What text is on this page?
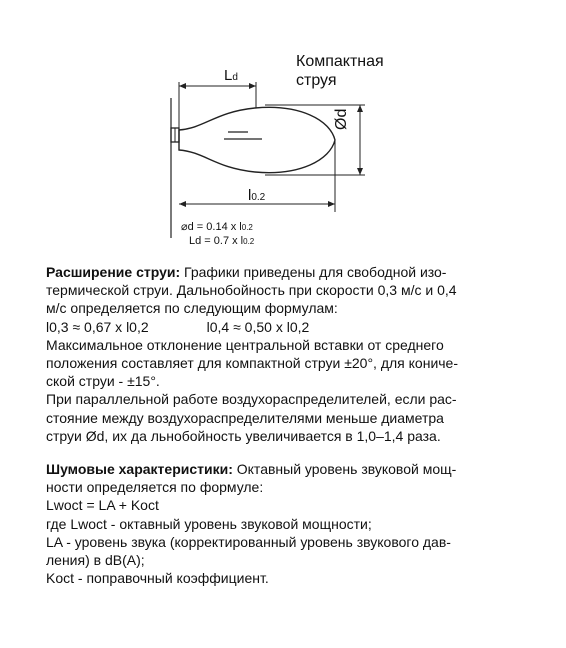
Компактная
струя
Ld
Ød
l0.2
⌀d = 0.14 x l0.2
Ld = 0.7 x l0.2

Расширение струи: Графики приведены для свободной изо-

термической струи. Дальнобойность при скорости 0,3 м/с и 0,4

м/с определяется по следующим формулам:

l0,3 ≈ 0,67 x l0,2	l0,4 ≈ 0,50 x l0,2

Максимальное отклонение центральной вставки от среднего

положения составляет для компактной струи ±20°, для кониче-

ской струи - ±15°.

При параллельной работе воздухораспределителей, если рас-

стояние между воздухораспределителями меньше диаметра

струи Ød, их да льнобойность увеличивается в 1,0–1,4 раза.

Шумовые характеристики: Октавный уровень звуковой мощ-

ности определяется по формуле:

Lwoct = LA + Koct

где Lwoct - октавный уровень звуковой мощности;

LA - уровень звука (корректированный уровень звукового дав-

ления) в dB(A);

Koct - поправочный коэффициент.
